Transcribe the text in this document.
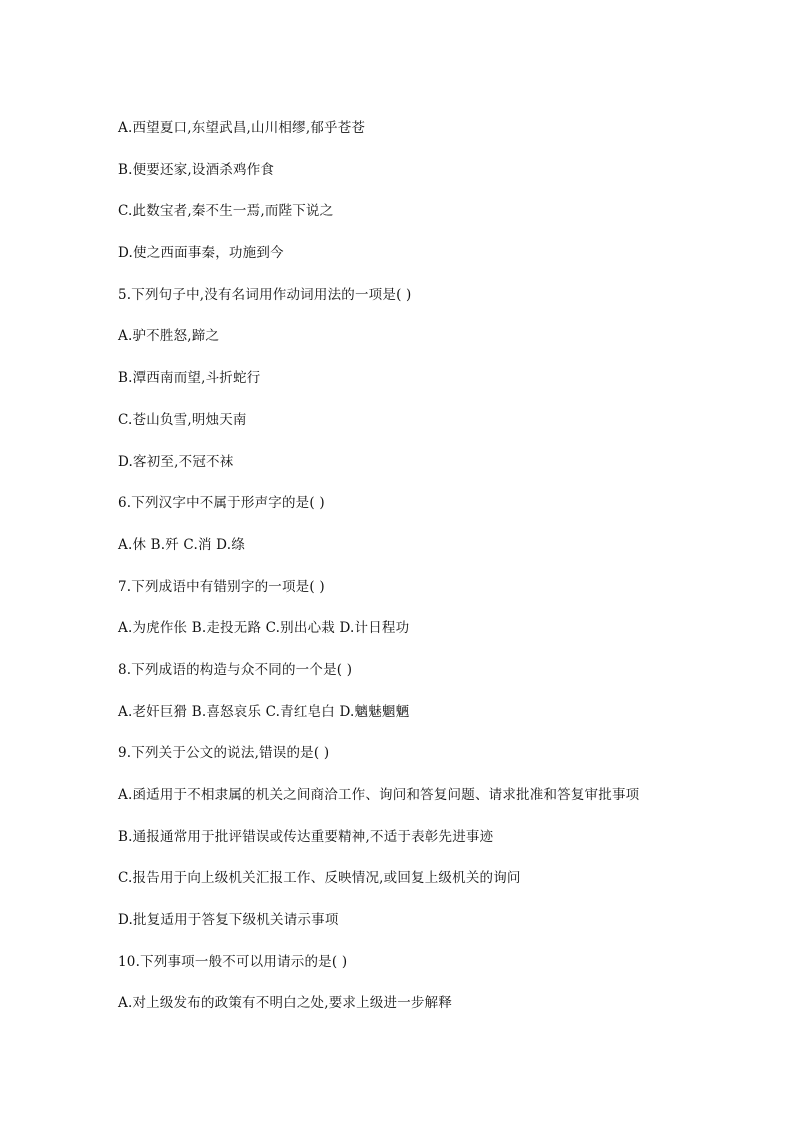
A.西望夏口,东望武昌,山川相缪,郁乎苍苍
B.便要还家,设酒杀鸡作食
C.此数宝者,秦不生一焉,而陛下说之
D.使之西面事秦，功施到今
5.下列句子中,没有名词用作动词用法的一项是( )
A.驴不胜怒,蹄之
B.潭西南而望,斗折蛇行
C.苍山负雪,明烛天南
D.客初至,不冠不袜
6.下列汉字中不属于形声字的是( )
A.休 B.歼 C.消 D.绦
7.下列成语中有错别字的一项是( )
A.为虎作伥 B.走投无路 C.别出心栽 D.计日程功
8.下列成语的构造与众不同的一个是( )
A.老奸巨猾 B.喜怒哀乐 C.青红皂白 D.魑魅魍魉
9.下列关于公文的说法,错误的是( )
A.函适用于不相隶属的机关之间商洽工作、询问和答复问题、请求批准和答复审批事项
B.通报通常用于批评错误或传达重要精神,不适于表彰先进事迹
C.报告用于向上级机关汇报工作、反映情况,或回复上级机关的询问
D.批复适用于答复下级机关请示事项
10.下列事项一般不可以用请示的是( )
A.对上级发布的政策有不明白之处,要求上级进一步解释
